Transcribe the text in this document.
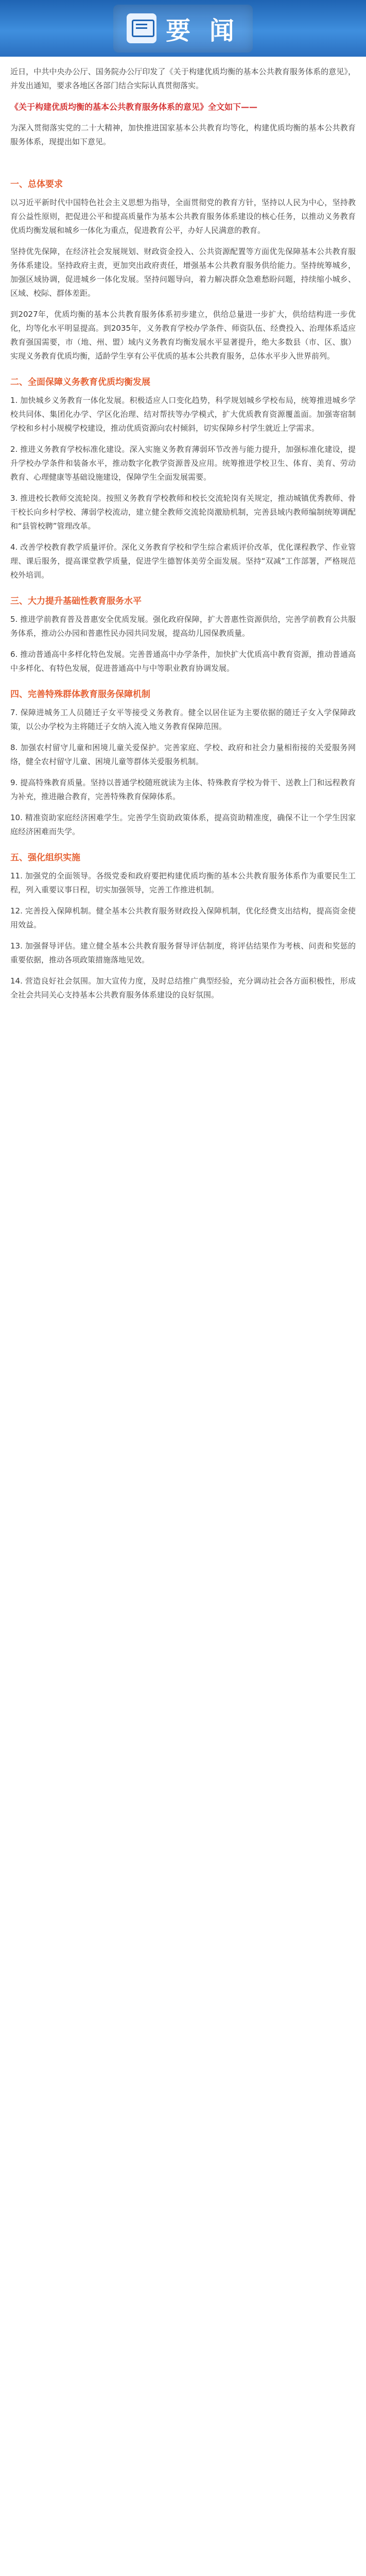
要 闻

近日，中共中央办公厅、国务院办公厅印发了《关于构建优质均衡的基本公共教育服务体系的意见》，并发出通知，要求各地区各部门结合实际认真贯彻落实。

《关于构建优质均衡的基本公共教育服务体系的意见》全文如下——

为深入贯彻落实党的二十大精神，加快推进国家基本公共教育均等化，构建优质均衡的基本公共教育服务体系，现提出如下意见。

一、总体要求

以习近平新时代中国特色社会主义思想为指导，全面贯彻党的教育方针，坚持以人民为中心，坚持教育公益性原则，把促进公平和提高质量作为基本公共教育服务体系建设的核心任务，以推动义务教育优质均衡发展和城乡一体化为重点，促进教育公平，办好人民满意的教育。

坚持优先保障，在经济社会发展规划、财政资金投入、公共资源配置等方面优先保障基本公共教育服务体系建设。坚持政府主责，更加突出政府责任，增强基本公共教育服务供给能力。坚持统筹城乡，加强区域协调，促进城乡一体化发展。坚持问题导向，着力解决群众急难愁盼问题，持续缩小城乡、区域、校际、群体差距。

到2027年，优质均衡的基本公共教育服务体系初步建立，供给总量进一步扩大，供给结构进一步优化，均等化水平明显提高。到2035年，义务教育学校办学条件、师资队伍、经费投入、治理体系适应教育强国需要，市（地、州、盟）域内义务教育均衡发展水平显著提升，绝大多数县（市、区、旗）实现义务教育优质均衡，适龄学生享有公平优质的基本公共教育服务，总体水平步入世界前列。

二、全面保障义务教育优质均衡发展

1. 加快城乡义务教育一体化发展。积极适应人口变化趋势，科学规划城乡学校布局，统筹推进城乡学校共同体、集团化办学、学区化治理、结对帮扶等办学模式，扩大优质教育资源覆盖面。加强寄宿制学校和乡村小规模学校建设，推动优质资源向农村倾斜，切实保障乡村学生就近上学需求。

2. 推进义务教育学校标准化建设。深入实施义务教育薄弱环节改善与能力提升，加强标准化建设，提升学校办学条件和装备水平，推动数字化教学资源普及应用。统筹推进学校卫生、体育、美育、劳动教育、心理健康等基础设施建设，保障学生全面发展需要。

3. 推进校长教师交流轮岗。按照义务教育学校教师和校长交流轮岗有关规定，推动城镇优秀教师、骨干校长向乡村学校、薄弱学校流动，建立健全教师交流轮岗激励机制，完善县域内教师编制统筹调配和“县管校聘”管理改革。

4. 改善学校教育教学质量评价。深化义务教育学校和学生综合素质评价改革，优化课程教学、作业管理、课后服务，提高课堂教学质量，促进学生德智体美劳全面发展。坚持“双减”工作部署，严格规范校外培训。

三、大力提升基础性教育服务水平

5. 推进学前教育普及普惠安全优质发展。强化政府保障，扩大普惠性资源供给，完善学前教育公共服务体系，推动公办园和普惠性民办园共同发展，提高幼儿园保教质量。

6. 推动普通高中多样化特色发展。完善普通高中办学条件，加快扩大优质高中教育资源，推动普通高中多样化、有特色发展，促进普通高中与中等职业教育协调发展。

四、完善特殊群体教育服务保障机制

7. 保障进城务工人员随迁子女平等接受义务教育。健全以居住证为主要依据的随迁子女入学保障政策，以公办学校为主将随迁子女纳入流入地义务教育保障范围。

8. 加强农村留守儿童和困境儿童关爱保护。完善家庭、学校、政府和社会力量相衔接的关爱服务网络，健全农村留守儿童、困境儿童等群体关爱服务机制。

9. 提高特殊教育质量。坚持以普通学校随班就读为主体、特殊教育学校为骨干、送教上门和远程教育为补充，推进融合教育，完善特殊教育保障体系。

10. 精准资助家庭经济困难学生。完善学生资助政策体系，提高资助精准度，确保不让一个学生因家庭经济困难而失学。

五、强化组织实施

11. 加强党的全面领导。各级党委和政府要把构建优质均衡的基本公共教育服务体系作为重要民生工程，列入重要议事日程，切实加强领导，完善工作推进机制。

12. 完善投入保障机制。健全基本公共教育服务财政投入保障机制，优化经费支出结构，提高资金使用效益。

13. 加强督导评估。建立健全基本公共教育服务督导评估制度，将评估结果作为考核、问责和奖惩的重要依据，推动各项政策措施落地见效。

14. 营造良好社会氛围。加大宣传力度，及时总结推广典型经验，充分调动社会各方面积极性，形成全社会共同关心支持基本公共教育服务体系建设的良好氛围。
